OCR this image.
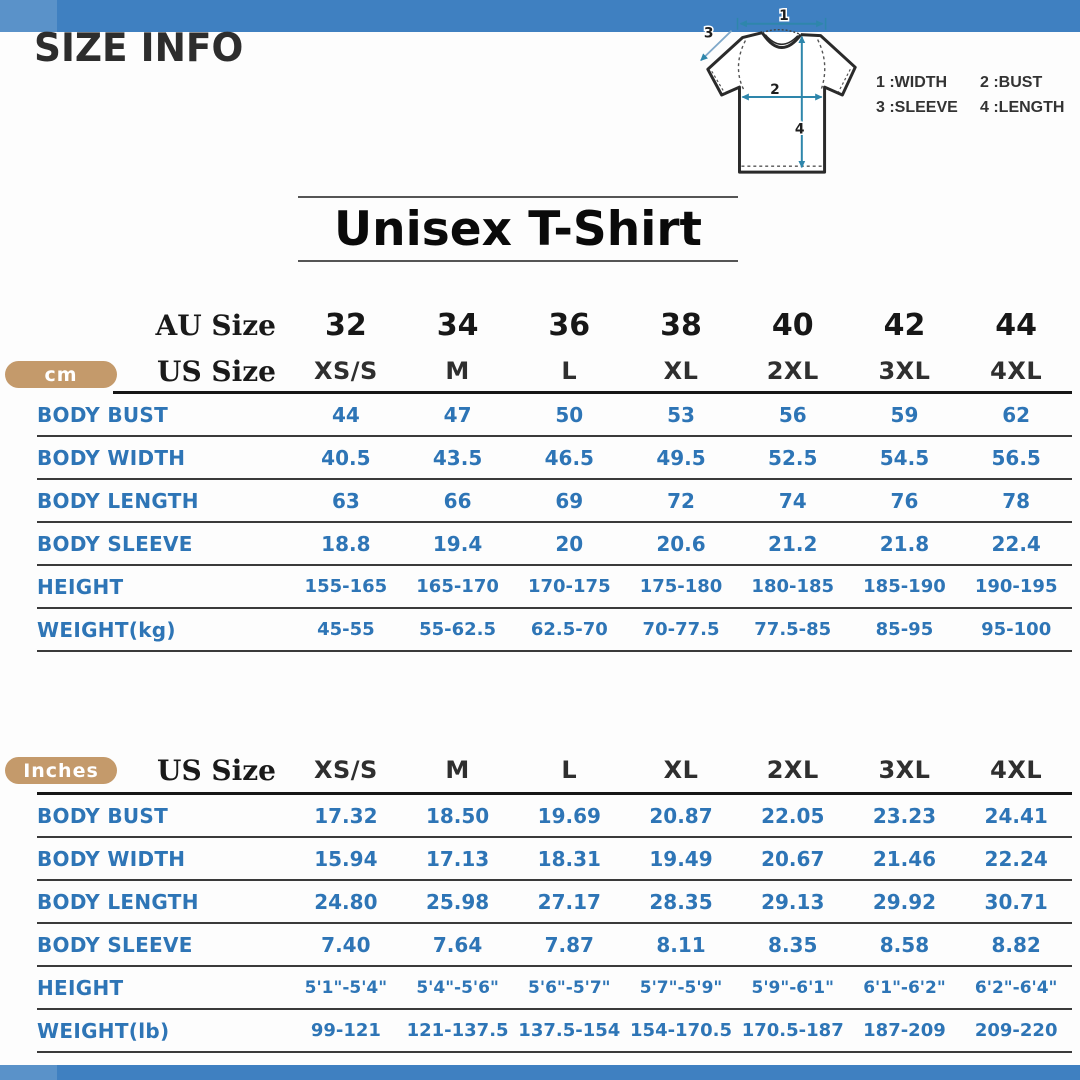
SIZE INFO
1
3
2
4
1 :WIDTH	2 :BUST
3 :SLEEVE	4 :LENGTH
Unisex T-Shirt
AU Size	32	34	36	38	40	42	44
US Size	XS/S	M	L	XL	2XL	3XL	4XL
BODY BUST	44	47	50	53	56	59	62
BODY WIDTH	40.5	43.5	46.5	49.5	52.5	54.5	56.5
BODY LENGTH	63	66	69	72	74	76	78
BODY SLEEVE	18.8	19.4	20	20.6	21.2	21.8	22.4
HEIGHT	155-165	165-170	170-175	175-180	180-185	185-190	190-195
WEIGHT(kg)	45-55	55-62.5	62.5-70	70-77.5	77.5-85	85-95	95-100
cm
US Size	XS/S	M	L	XL	2XL	3XL	4XL
BODY BUST	17.32	18.50	19.69	20.87	22.05	23.23	24.41
BODY WIDTH	15.94	17.13	18.31	19.49	20.67	21.46	22.24
BODY LENGTH	24.80	25.98	27.17	28.35	29.13	29.92	30.71
BODY SLEEVE	7.40	7.64	7.87	8.11	8.35	8.58	8.82
HEIGHT	5'1"-5'4"	5'4"-5'6"	5'6"-5'7"	5'7"-5'9"	5'9"-6'1"	6'1"-6'2"	6'2"-6'4"
WEIGHT(lb)	99-121	121-137.5 137.5-154 154-170.5 170.5-187	187-209	209-220
Inches
